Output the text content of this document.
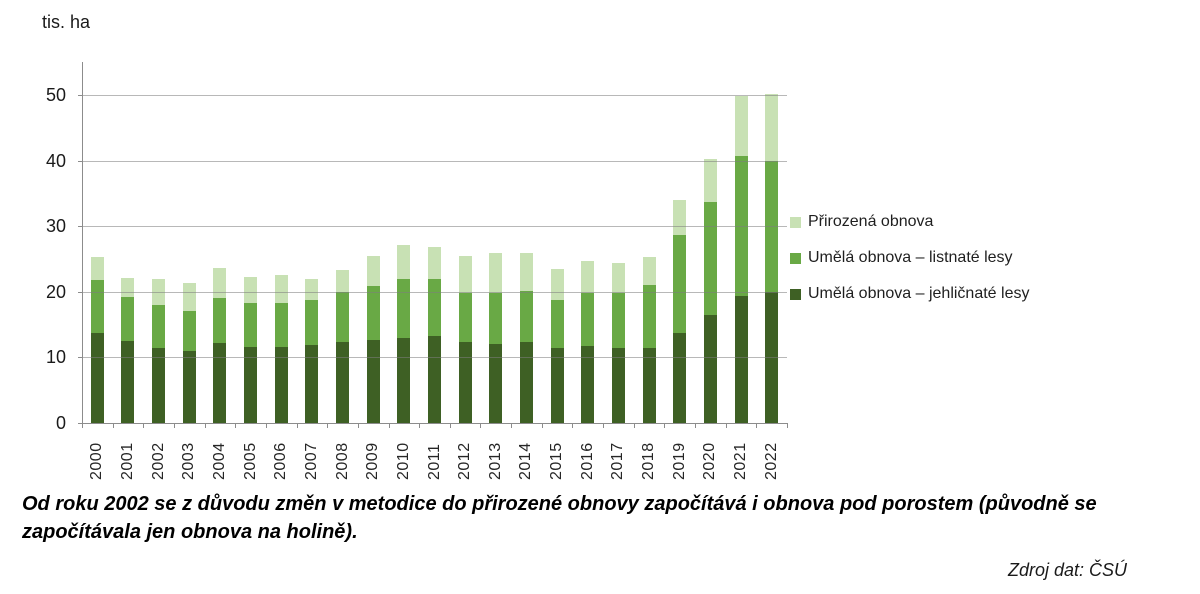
tis. ha
2000 2001 2002 2003 2004 2005 2006 2007 2008 2009 2010 2011 2012 2013 2014 2015 2016 2017 2018 2019 2020 2021 2022
0
10
20
30
40
50
Přirozená obnova
Umělá obnova – listnaté lesy
Umělá obnova – jehličnaté lesy
Od roku 2002 se z důvodu změn v metodice do přirozené obnovy započítává i obnova pod porostem (původně se započítávala jen obnova na holině).
Zdroj dat: ČSÚ
